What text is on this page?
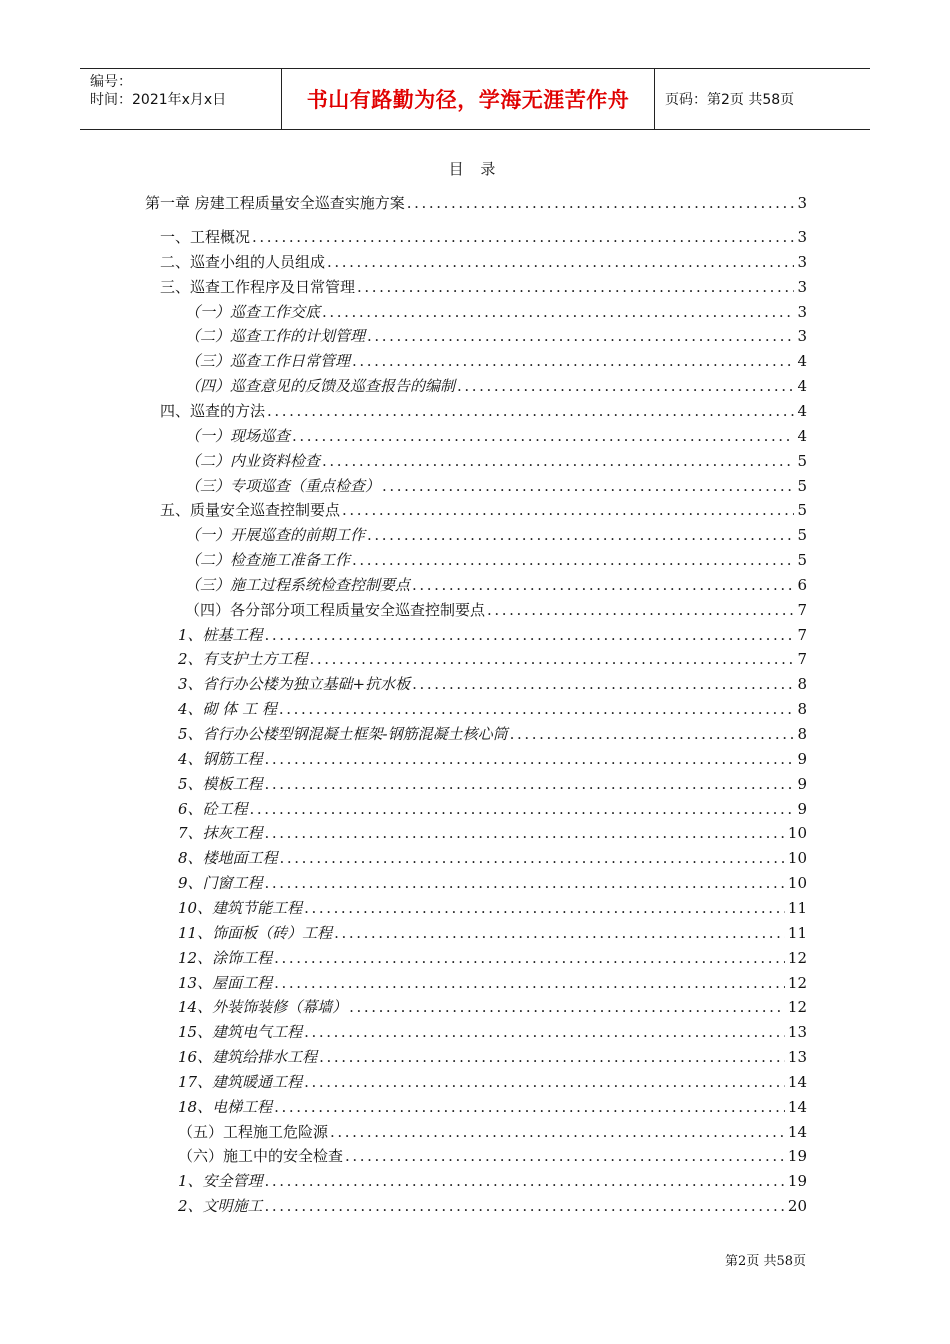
编号：
时间：2021年x月x日	书山有路勤为径，学海无涯苦作舟	页码：第2页 共58页
目 录
第一章 房建工程质量安全巡查实施方案 .....	3
一、工程概况 .....	3
二、巡查小组的人员组成 .....	3
三、巡查工作程序及日常管理 .....	3
（一）巡查工作交底 .....	3
（二）巡查工作的计划管理 .....	3
（三）巡查工作日常管理 .....	4
（四）巡查意见的反馈及巡查报告的编制 .....	4
四、巡查的方法 .....	4
（一）现场巡查 .....	4
（二）内业资料检查 .....	5
（三）专项巡查（重点检查） .....	5
五、质量安全巡查控制要点 .....	5
（一）开展巡查的前期工作 .....	5
（二）检查施工准备工作 .....	5
（三）施工过程系统检查控制要点 .....	6
（四）各分部分项工程质量安全巡查控制要点 .....	7
1、桩基工程 .....	7
2、有支护土方工程 .....	7
3、省行办公楼为独立基础+抗水板 .....	8
4、砌 体 工 程 .....	8
5、省行办公楼型钢混凝土框架-钢筋混凝土核心筒 .....	8
4、钢筋工程 .....	9
5、模板工程 .....	9
6、砼工程 .....	9
7、抹灰工程 .....	10
8、楼地面工程 .....	10
9、门窗工程 .....	10
10、建筑节能工程 .....	11
11、饰面板（砖）工程 .....	11
12、涂饰工程 .....	12
13、屋面工程 .....	12
14、外装饰装修（幕墙） .....	12
15、建筑电气工程 .....	13
16、建筑给排水工程 .....	13
17、建筑暖通工程 .....	14
18、电梯工程 .....	14
（五）工程施工危险源 .....	14
（六）施工中的安全检查 .....	19
1、安全管理 .....	19
2、文明施工 .....	20
第2页 共58页
